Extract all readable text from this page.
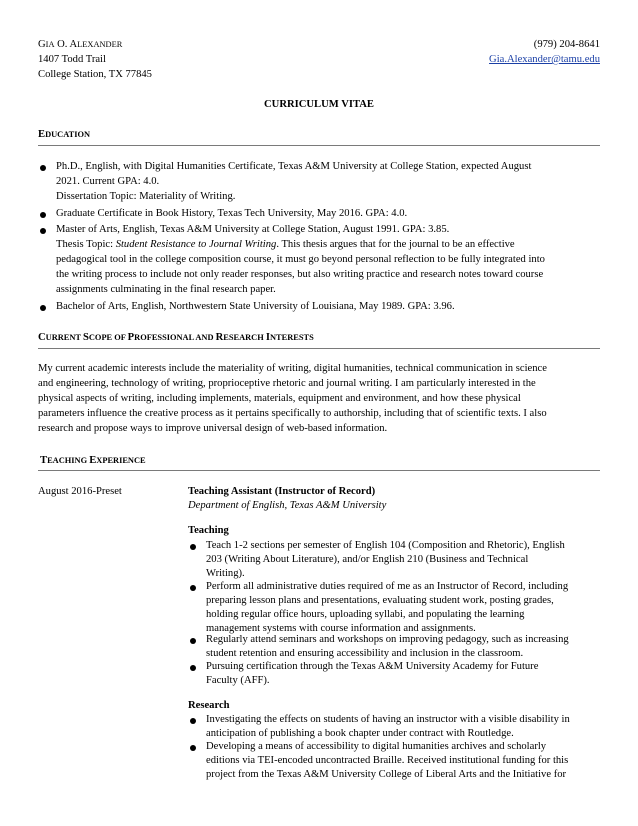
GIA O. ALEXANDER
1407 Todd Trail
College Station, TX 77845
(979) 204-8641
Gia.Alexander@tamu.edu
CURRICULUM VITAE
EDUCATION
Ph.D., English, with Digital Humanities Certificate, Texas A&M University at College Station, expected August
2021. Current GPA: 4.0.
Dissertation Topic: Materiality of Writing.
Graduate Certificate in Book History, Texas Tech University, May 2016. GPA: 4.0.
Master of Arts, English, Texas A&M University at College Station, August 1991. GPA: 3.85.
Thesis Topic: Student Resistance to Journal Writing. This thesis argues that for the journal to be an effective
pedagogical tool in the college composition course, it must go beyond personal reflection to be fully integrated into
the writing process to include not only reader responses, but also writing practice and research notes toward course
assignments culminating in the final research paper.
Bachelor of Arts, English, Northwestern State University of Louisiana, May 1989. GPA: 3.96.
CURRENT SCOPE OF PROFESSIONAL AND RESEARCH INTERESTS
My current academic interests include the materiality of writing, digital humanities, technical communication in science
and engineering, technology of writing, proprioceptive rhetoric and journal writing. I am particularly interested in the
physical aspects of writing, including implements, materials, equipment and environment, and how these physical
parameters influence the creative process as it pertains specifically to authorship, including that of scientific texts. I also
research and propose ways to improve universal design of web-based information.
TEACHING EXPERIENCE
August 2016-Preset	Teaching Assistant (Instructor of Record)
Department of English, Texas A&M University
Teaching
Teach 1-2 sections per semester of English 104 (Composition and Rhetoric), English
203 (Writing About Literature), and/or English 210 (Business and Technical
Writing).
Perform all administrative duties required of me as an Instructor of Record, including
preparing lesson plans and presentations, evaluating student work, posting grades,
holding regular office hours, uploading syllabi, and populating the learning
management systems with course information and assignments.
Regularly attend seminars and workshops on improving pedagogy, such as increasing
student retention and ensuring accessibility and inclusion in the classroom.
Pursuing certification through the Texas A&M University Academy for Future
Faculty (AFF).
Research
Investigating the effects on students of having an instructor with a visible disability in
anticipation of publishing a book chapter under contract with Routledge.
Developing a means of accessibility to digital humanities archives and scholarly
editions via TEI-encoded uncontracted Braille. Received institutional funding for this
project from the Texas A&M University College of Liberal Arts and the Initiative for
